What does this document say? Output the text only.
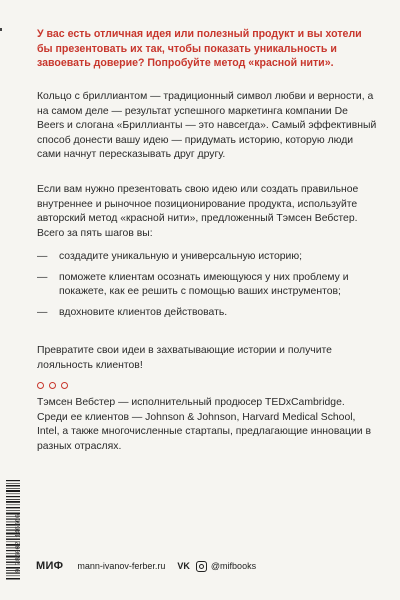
У вас есть отличная идея или полезный продукт и вы хотели бы презентовать их так, чтобы показать уникальность и завоевать доверие? Попробуйте метод «красной нити».

Кольцо с бриллиантом — традиционный символ любви и верности, а на самом деле — результат успешного маркетинга компании De Beers и слогана «Бриллианты — это навсегда». Самый эффективный способ донести вашу идею — придумать историю, которую люди сами начнут пересказывать друг другу.

Если вам нужно презентовать свою идею или создать правильное внутреннее и рыночное позиционирование продукта, используйте авторский метод «красной нити», предложенный Тэмсен Вебстер. Всего за пять шагов вы:

— создадите уникальную и универсальную историю;
— поможете клиентам осознать имеющуюся у них проблему и покажете, как ее решить с помощью ваших инструментов;
— вдохновите клиентов действовать.

Превратите свои идеи в захватывающие истории и получите лояльность клиентов!

Тэмсен Вебстер — исполнительный продюсер TEDxCambridge. Среди ее клиентов — Johnson & Johnson, Harvard Medical School, Intel, а также многочисленные стартапы, предлагающие инновации в разных отраслях.

9 785002 146666 МИФ mann-ivanov-ferber.ru VK @mifbooks
